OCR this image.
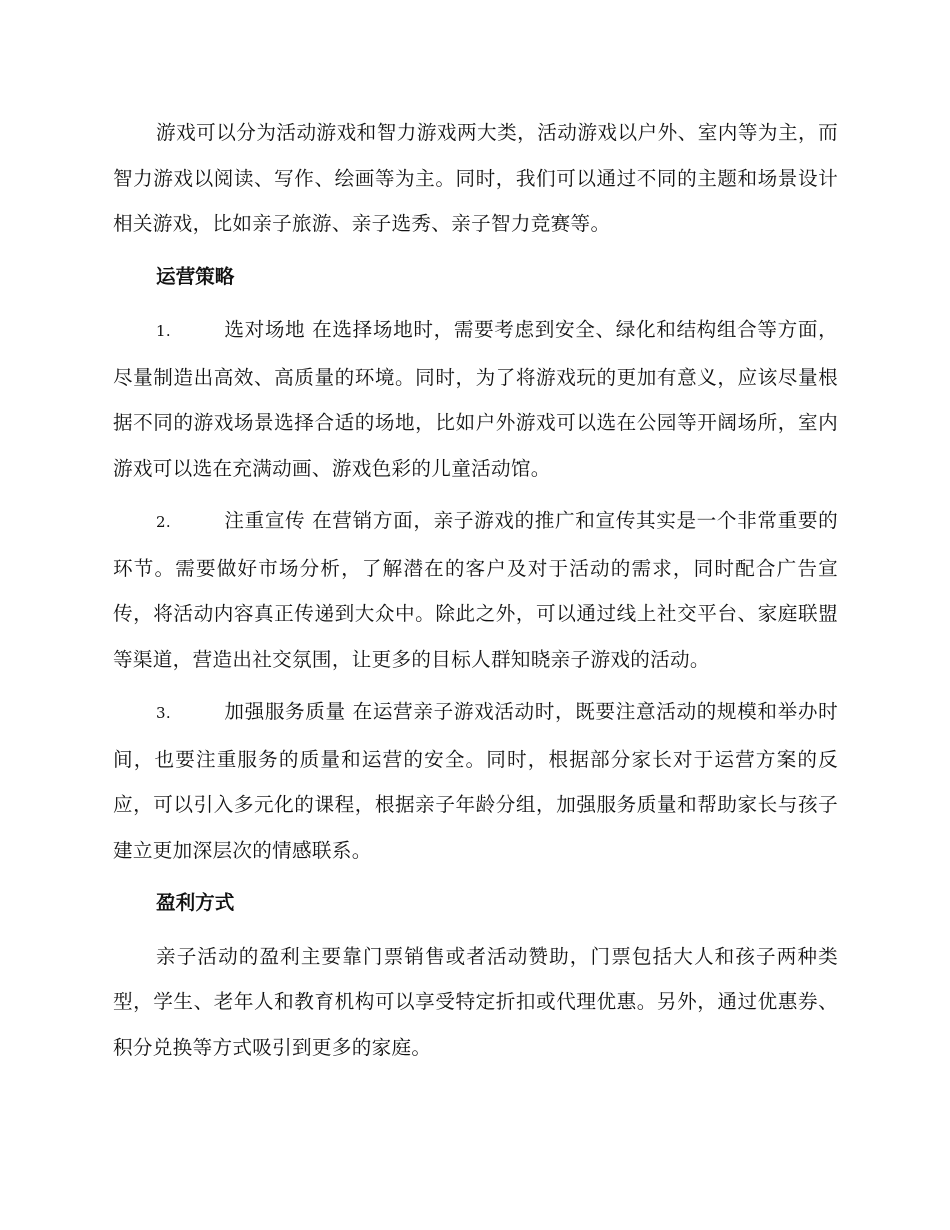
游戏可以分为活动游戏和智力游戏两大类，活动游戏以户外、室内等为主，而智力游戏以阅读、写作、绘画等为主。同时，我们可以通过不同的主题和场景设计相关游戏，比如亲子旅游、亲子选秀、亲子智力竞赛等。

运营策略

1.	选对场地 在选择场地时，需要考虑到安全、绿化和结构组合等方面，尽量制造出高效、高质量的环境。同时，为了将游戏玩的更加有意义，应该尽量根据不同的游戏场景选择合适的场地，比如户外游戏可以选在公园等开阔场所，室内游戏可以选在充满动画、游戏色彩的儿童活动馆。

2.	注重宣传 在营销方面，亲子游戏的推广和宣传其实是一个非常重要的环节。需要做好市场分析，了解潜在的客户及对于活动的需求，同时配合广告宣传，将活动内容真正传递到大众中。除此之外，可以通过线上社交平台、家庭联盟等渠道，营造出社交氛围，让更多的目标人群知晓亲子游戏的活动。

3.	加强服务质量 在运营亲子游戏活动时，既要注意活动的规模和举办时间，也要注重服务的质量和运营的安全。同时，根据部分家长对于运营方案的反应，可以引入多元化的课程，根据亲子年龄分组，加强服务质量和帮助家长与孩子建立更加深层次的情感联系。

盈利方式

亲子活动的盈利主要靠门票销售或者活动赞助，门票包括大人和孩子两种类型，学生、老年人和教育机构可以享受特定折扣或代理优惠。另外，通过优惠券、积分兑换等方式吸引到更多的家庭。
